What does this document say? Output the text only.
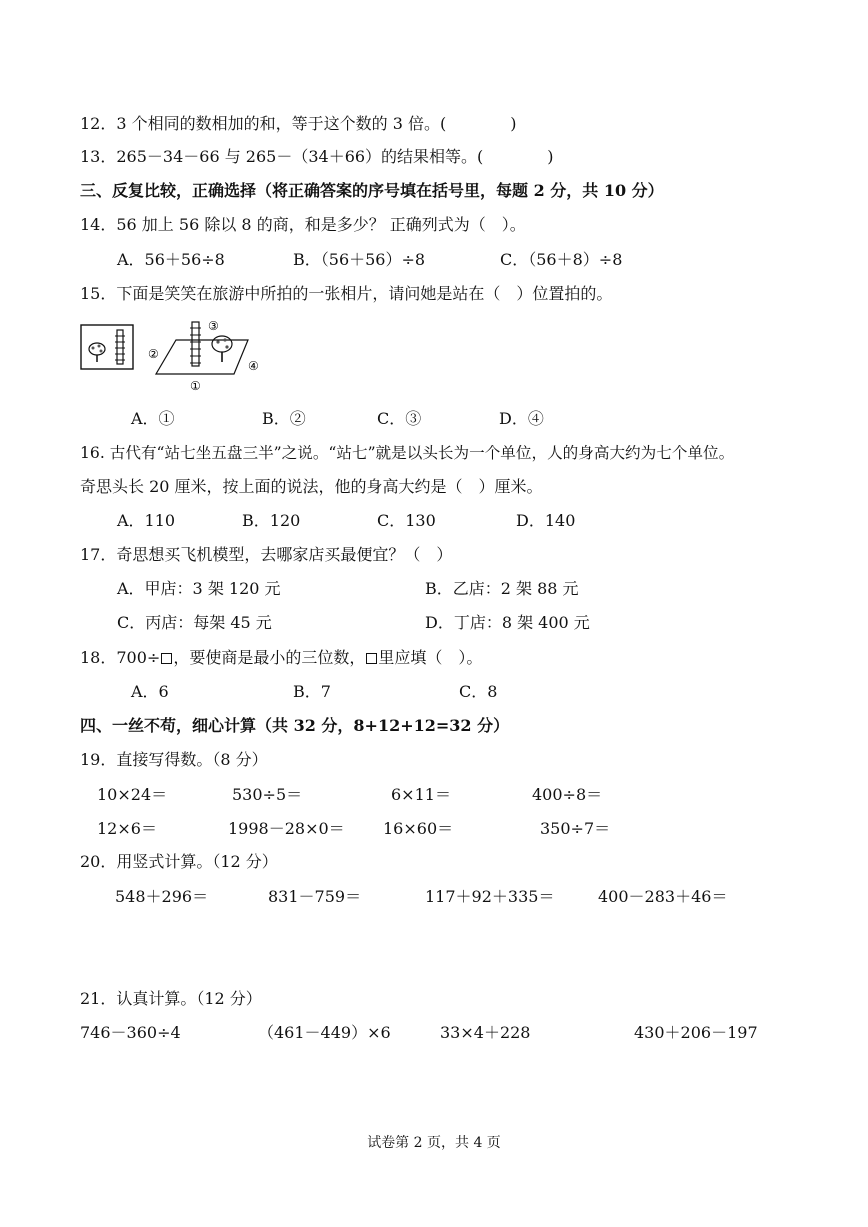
12．3 个相同的数相加的和，等于这个数的 3 倍。(　　　　)
13．265－34－66 与 265－（34＋66）的结果相等。(　　　　)
三、反复比较，正确选择（将正确答案的序号填在括号里，每题 2 分，共 10 分）
14．56 加上 56 除以 8 的商，和是多少？ 正确列式为（　）。
A．56＋56÷8	B．（56＋56）÷8	C．（56＋8）÷8
15．下面是笑笑在旅游中所拍的一张相片，请问她是站在（　）位置拍的。
③
②
④
①
A．①	B．②	C．③	D．④
16. 古代有“站七坐五盘三半”之说。“站七”就是以头长为一个单位，人的身高大约为七个单位。
奇思头长 20 厘米，按上面的说法，他的身高大约是（　）厘米。
A．110	B．120	C．130	D．140
17．奇思想买飞机模型，去哪家店买最便宜？（　）
A．甲店：3 架 120 元	B．乙店：2 架 88 元
C．丙店：每架 45 元	D．丁店：8 架 400 元
18．700÷ ，要使商是最小的三位数， 里应填（　）。
A．6	B．7	C．8
四、一丝不苟，细心计算（共 32 分，8+12+12=32 分）
19．直接写得数。（8 分）
10×24＝	530÷5＝	6×11＝	400÷8＝
12×6＝	1998－28×0＝ 16×60＝	350÷7＝
20．用竖式计算。（12 分）
548＋296＝	831－759＝	117＋92＋335＝	400－283＋46＝
21．认真计算。（12 分）
746－360÷4	（461－449）×6	33×4＋228	430＋206－197
试卷第 2 页，共 4 页
